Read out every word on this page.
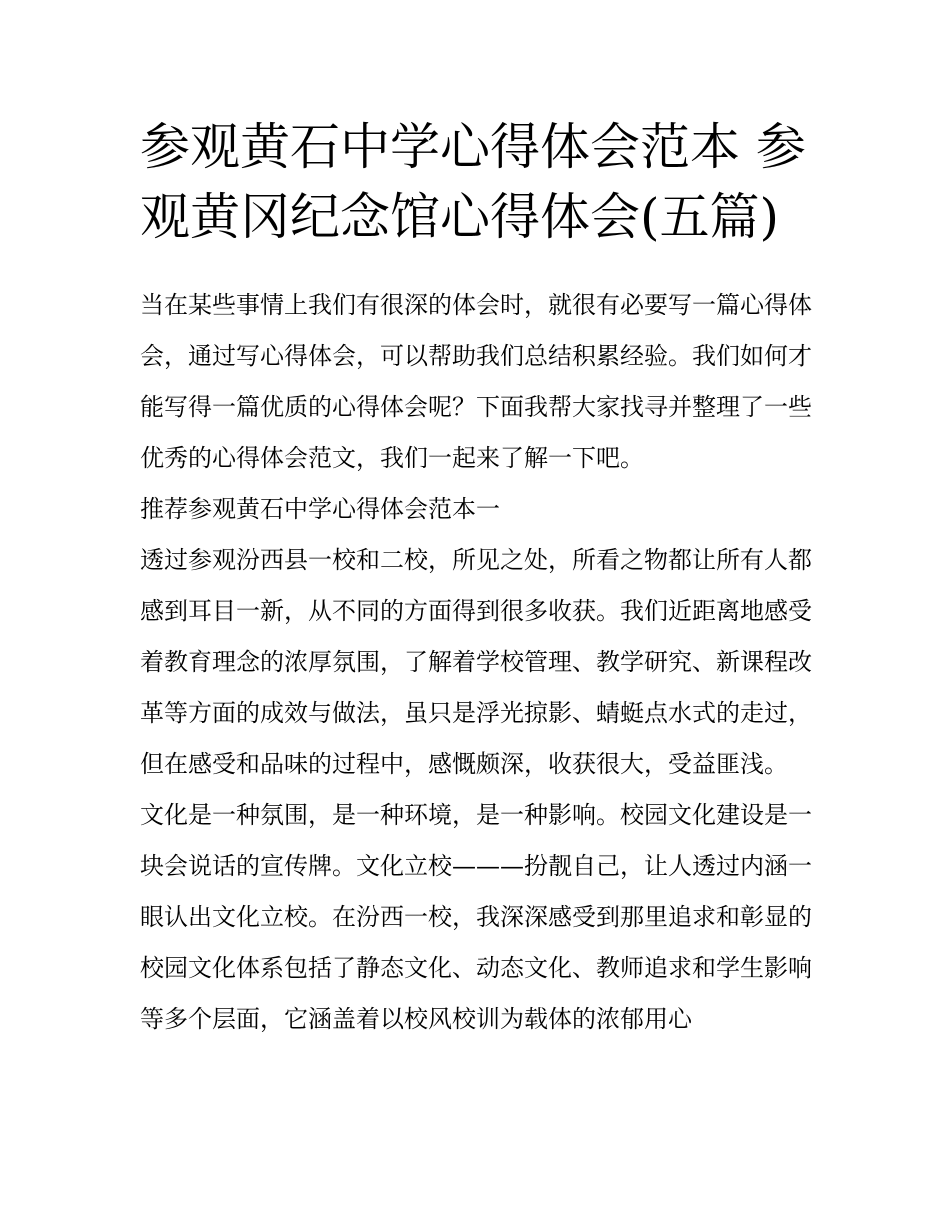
参观黄石中学心得体会范本 参观黄冈纪念馆心得体会(五篇)

当在某些事情上我们有很深的体会时，就很有必要写一篇心得体会，通过写心得体会，可以帮助我们总结积累经验。我们如何才能写得一篇优质的心得体会呢？下面我帮大家找寻并整理了一些优秀的心得体会范文，我们一起来了解一下吧。

推荐参观黄石中学心得体会范本一

透过参观汾西县一校和二校，所见之处，所看之物都让所有人都感到耳目一新，从不同的方面得到很多收获。我们近距离地感受着教育理念的浓厚氛围，了解着学校管理、教学研究、新课程改革等方面的成效与做法，虽只是浮光掠影、蜻蜓点水式的走过，但在感受和品味的过程中，感慨颇深，收获很大，受益匪浅。

文化是一种氛围，是一种环境，是一种影响。校园文化建设是一块会说话的宣传牌。文化立校———扮靓自己，让人透过内涵一眼认出文化立校。在汾西一校，我深深感受到那里追求和彰显的校园文化体系包括了静态文化、动态文化、教师追求和学生影响等多个层面，它涵盖着以校风校训为载体的浓郁用心
